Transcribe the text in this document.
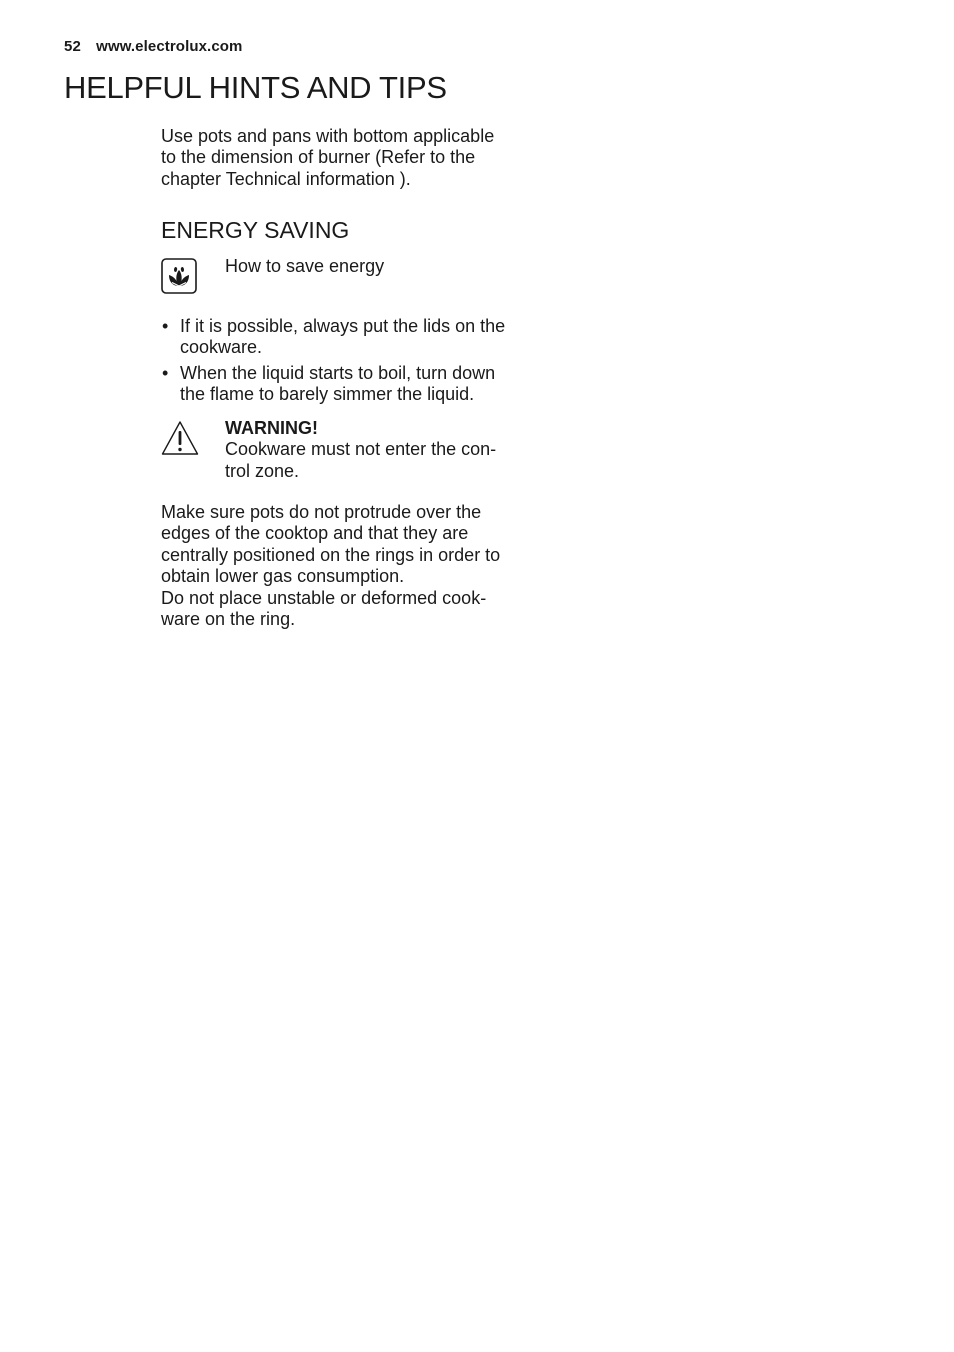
52 www.electrolux.com
HELPFUL HINTS AND TIPS
Use pots and pans with bottom applicable
to the dimension of burner (Refer to the
chapter Technical information ).
ENERGY SAVING
How to save energy
• If it is possible, always put the lids on the
cookware.
• When the liquid starts to boil, turn down
the flame to barely simmer the liquid.
WARNING!
Cookware must not enter the con-
trol zone.
Make sure pots do not protrude over the
edges of the cooktop and that they are
centrally positioned on the rings in order to
obtain lower gas consumption.
Do not place unstable or deformed cook-
ware on the ring.
